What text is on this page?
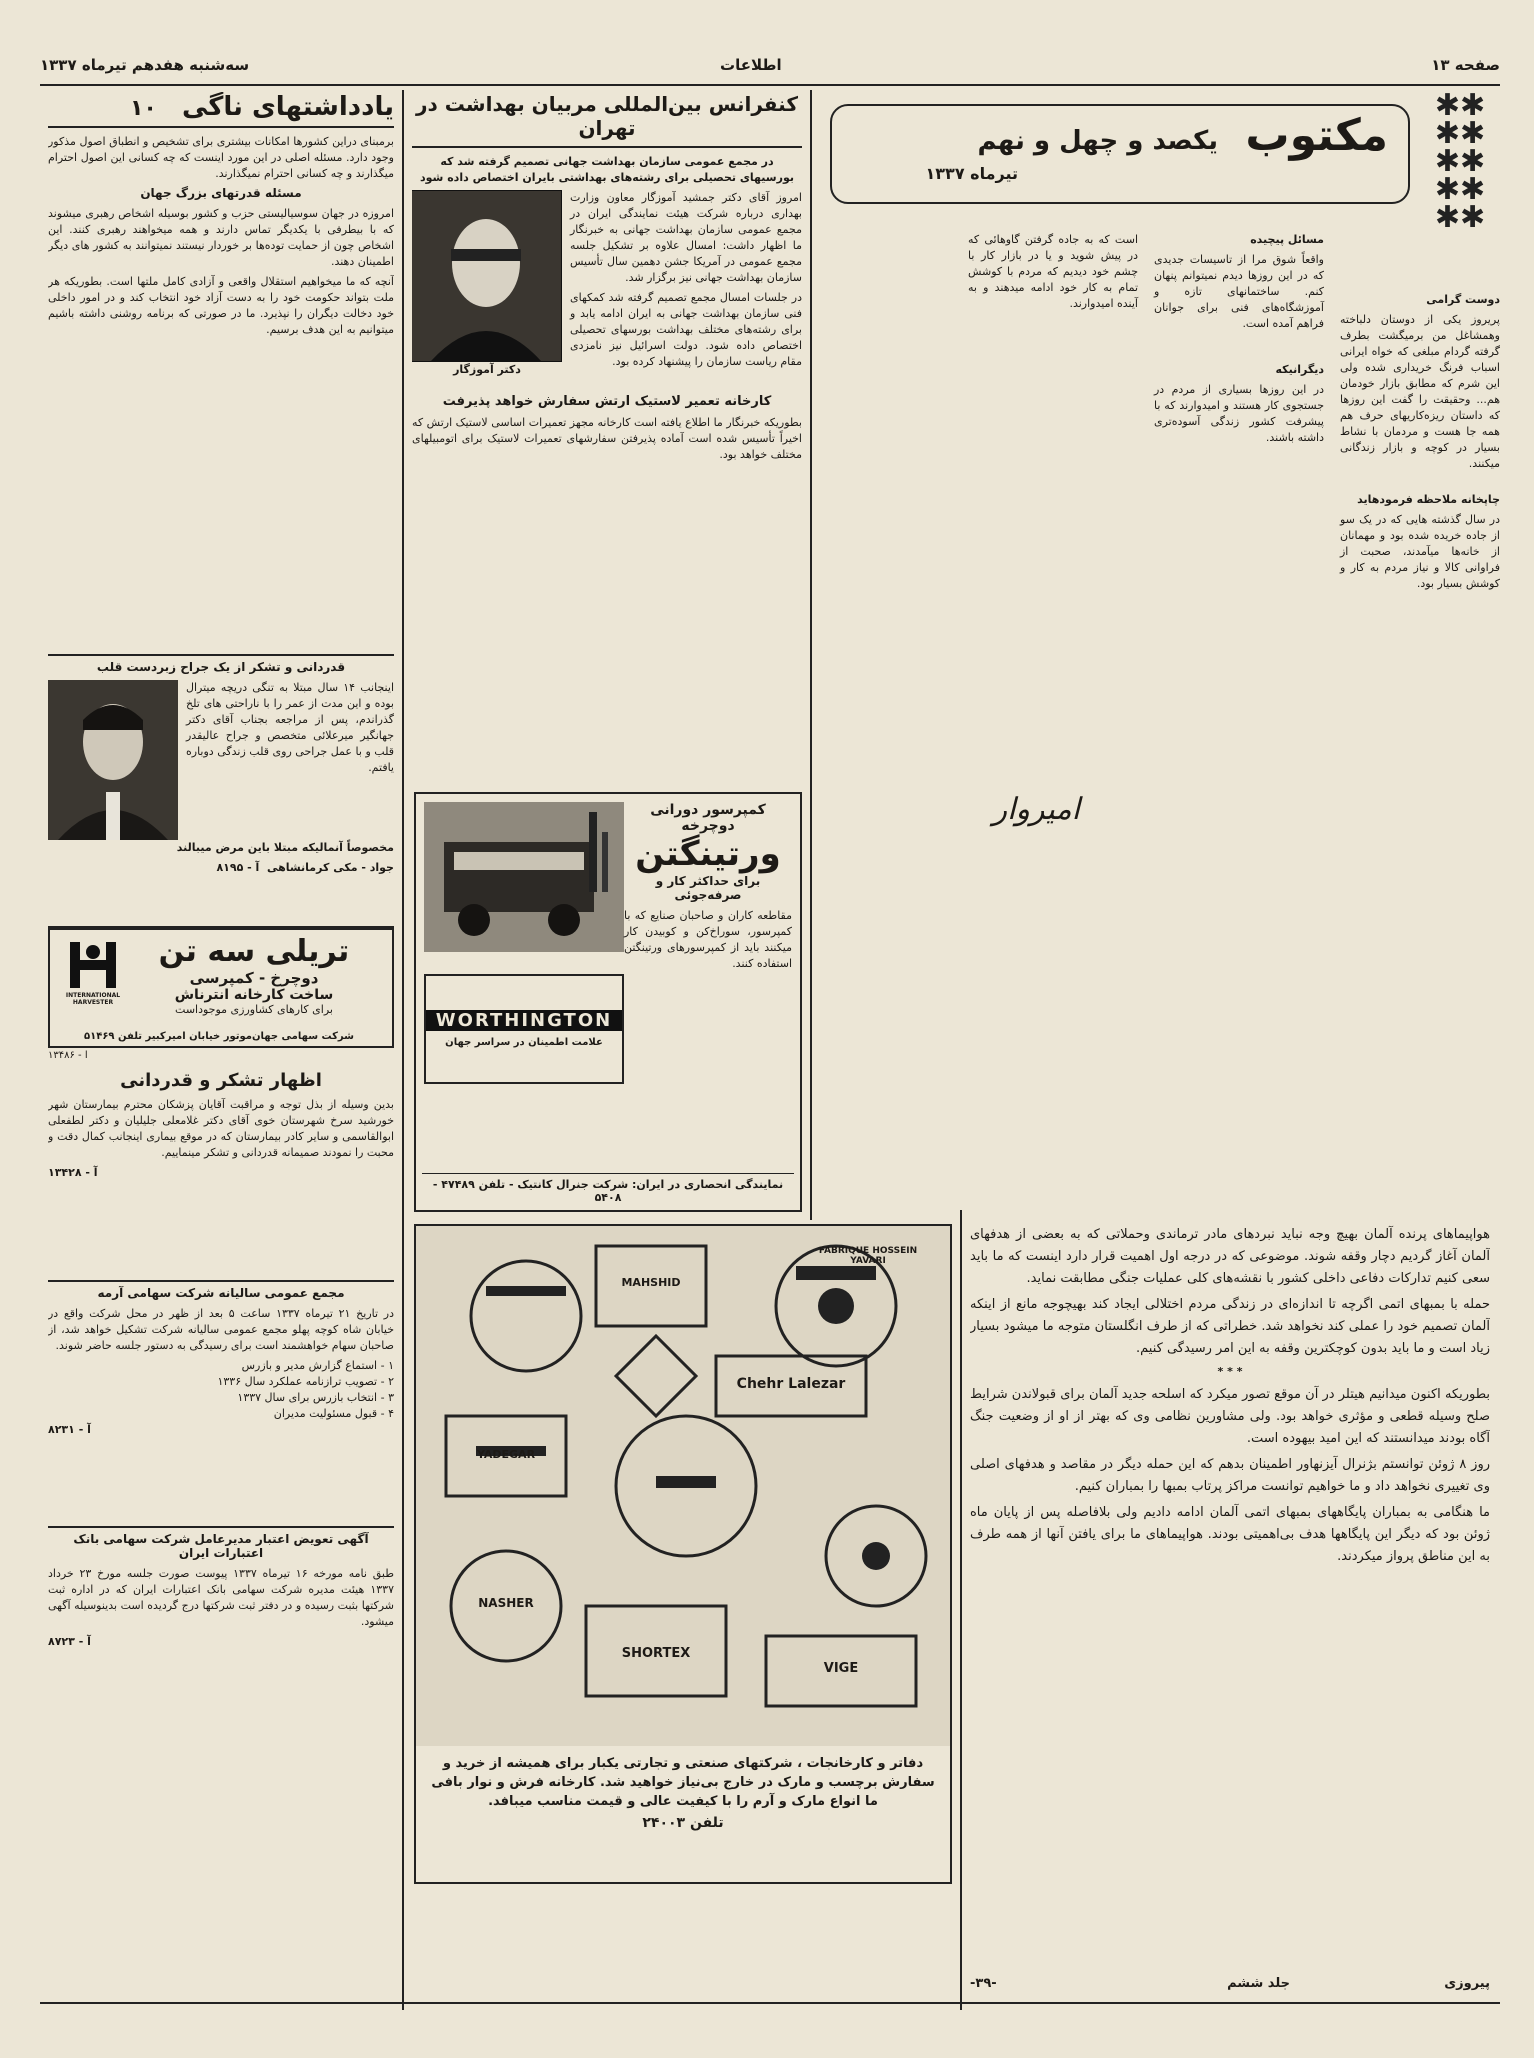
سه‌شنبه هفدهم تیرماه ۱۳۳۷	اطلاعات	صفحه ۱۳
✱✱
✱✱
✱✱
✱✱
✱✱
مکتوب
یکصد و چهل و نهم
تیرماه ۱۳۳۷

دوست گرامی

پریروز یکی از دوستان دلباخته وهمشاغل من برمیگشت بطرف گرفته گردام مبلغی که خواه ایرانی اسباب فرنگ خریداری شده ولی این شرم که مطابق بازار خودمان هم... وحقیقت را گفت این روزها که داستان ریزه‌کاریهای حرف هم همه جا هست و مردمان با نشاط بسیار در کوچه و بازار زندگانی میکنند.

چاپخانه ملاحظه فرمودهاید

در سال گذشته هایی که در یک سو از جاده خریده شده بود و مهمانان از خانه‌ها میآمدند، صحبت از فراوانی کالا و نیاز مردم به کار و کوشش بسیار بود.

مسائل پیچیده

واقعاً شوق مرا از تاسیسات جدیدی که در این روزها دیدم نمیتوانم پنهان کنم. ساختمانهای تازه و آموزشگاه‌های فنی برای جوانان فراهم آمده است.

دیگرانیکه

در این روزها بسیاری از مردم در جستجوی کار هستند و امیدوارند که با پیشرفت کشور زندگی آسوده‌تری داشته باشند.

است که به جاده گرفتن گاوهائی که در پیش شوید و یا در بازار کار با چشم خود دیدیم که مردم با کوشش تمام به کار خود ادامه میدهند و به آینده امیدوارند.

امیروار

کنفرانس بین‌المللی مربیان بهداشت در تهران

در مجمع عمومی سازمان بهداشت جهانی تصمیم گرفته شد که بورسیهای تحصیلی برای رشته‌های بهداشتی بایران اختصاص داده شود

دکتر آموزگار

امروز آقای دکتر جمشید آموزگار معاون وزارت بهداری درباره شرکت هیئت نمایندگی ایران در مجمع عمومی سازمان بهداشت جهانی به خبرنگار ما اظهار داشت: امسال علاوه بر تشکیل جلسه مجمع عمومی در آمریکا جشن دهمین سال تأسیس سازمان بهداشت جهانی نیز برگزار شد.

در جلسات امسال مجمع تصمیم گرفته شد کمکهای فنی سازمان بهداشت جهانی به ایران ادامه یابد و برای رشته‌های مختلف بهداشت بورسهای تحصیلی اختصاص داده شود. دولت اسرائیل نیز نامزدی مقام ریاست سازمان را پیشنهاد کرده بود.

کارخانه تعمیر لاستیک ارتش سفارش خواهد پذیرفت

بطوریکه خبرنگار ما اطلاع یافته است کارخانه مجهز تعمیرات اساسی لاستیک ارتش که اخیراً تأسیس شده است آماده پذیرفتن سفارشهای تعمیرات لاستیک برای اتومبیلهای مختلف خواهد بود.

یادداشتهای ناگی ۱۰

برمبنای دراین کشورها امکانات بیشتری برای تشخیص و انطباق اصول مذکور وجود دارد. مسئله اصلی در این مورد اینست که چه کسانی این اصول احترام میگذارند و چه کسانی احترام نمیگذارند.

مسئله قدرتهای بزرگ جهان

امروزه در جهان سوسیالیستی حزب و کشور بوسیله اشخاص رهبری میشوند که با بیطرفی با یکدیگر تماس دارند و همه میخواهند رهبری کنند. این اشخاص چون از حمایت توده‌ها بر خوردار نیستند نمیتوانند به کشور های دیگر اطمینان دهند.

آنچه که ما میخواهیم استقلال واقعی و آزادی کامل ملتها است. بطوریکه هر ملت بتواند حکومت خود را به دست آزاد خود انتخاب کند و در امور داخلی خود دخالت دیگران را نپذیرد. ما در صورتی که برنامه روشنی داشته باشیم میتوانیم به این هدف برسیم.

قدردانی و تشکر از یک جراح زبردست قلب

اینجانب ۱۴ سال مبتلا به تنگی دریچه میترال بوده و این مدت از عمر را با ناراحتی های تلخ گذراندم، پس از مراجعه بجناب آقای دکتر جهانگیر میرعلائی متخصص و جراح عالیقدر قلب و با عمل جراحی روی قلب زندگی دوباره یافتم.

مخصوصاً آنمالیکه مبتلا باین مرض میبالند

جواد - مکی کرمانشاهی  آ - ۸۱۹۵

INTERNATIONAL HARVESTER
تریلی سه تن
دوچرخ - کمپرسی
ساخت کارخانه انترناش
برای کارهای کشاورزی موجوداست
شرکت سهامی جهان‌موتور خیابان امیرکبیر تلفن ۵۱۴۶۹
آ - ۱۳۴۸۶

اظهار تشکر و قدردانی

بدین وسیله از بذل توجه و مراقبت آقایان پزشکان محترم بیمارستان شهر خورشید سرخ شهرستان خوی آقای دکتر غلامعلی جلیلیان و دکتر لطفعلی ابوالقاسمی و سایر کادر بیمارستان که در موقع بیماری اینجانب کمال دقت و محبت را نمودند صمیمانه قدردانی و تشکر مینماییم.

آ - ۱۳۴۲۸

مجمع عمومی سالیانه شرکت سهامی آرمه

در تاریخ ۲۱ تیرماه ۱۳۳۷ ساعت ۵ بعد از ظهر در محل شرکت واقع در خیابان شاه کوچه پهلو مجمع عمومی سالیانه شرکت تشکیل خواهد شد، از صاحبان سهام خواهشمند است برای رسیدگی به دستور جلسه حاضر شوند.

۱ - استماع گزارش مدیر و بازرس

۲ - تصویب ترازنامه عملکرد سال ۱۳۳۶

۳ - انتخاب بازرس برای سال ۱۳۳۷

۴ - قبول مسئولیت مدیران

آ - ۸۲۳۱

آگهی تعویض اعتبار مدیرعامل شرکت سهامی بانک اعتبارات ایران

طبق نامه مورخه ۱۶ تیرماه ۱۳۳۷ پیوست صورت جلسه مورخ ۲۳ خرداد ۱۳۳۷ هیئت مدیره شرکت سهامی بانک اعتبارات ایران که در اداره ثبت شرکتها بثبت رسیده و در دفتر ثبت شرکتها درج گردیده است بدینوسیله آگهی میشود.

آ - ۸۷۲۳

کمپرسور دورانی دوچرخه
ورتینگتن
برای حداکثر کار و صرفه‌جوئی

مقاطعه کاران و صاحبان صنایع که با کمپرسور، سوراخ‌کن و کوبیدن کار میکنند باید از کمپرسورهای ورتینگتن استفاده کنند.

WORTHINGTON
علامت اطمینان در سراسر جهان
نمایندگی انحصاری در ایران: شرکت جنرال کانتیک - تلفن ۴۷۴۸۹ - ۵۴۰۸
FABRIQUE HOSSEIN YAVARI
MAHSHID
Chehr Lalezar
SHORTEX
VIGE
NASHER
YADEGAR

دفاتر و کارخانجات ، شرکتهای صنعتی و تجارتی یکبار برای همیشه از خرید و سفارش برچسب و مارک در خارج بی‌نیاز خواهید شد. کارخانه فرش و نوار بافی ما انواع مارک و آرم را با کیفیت عالی و قیمت مناسب میبافد.

تلفن ۲۴۰۰۳

هواپیماهای پرنده آلمان بهیچ وجه نباید نبردهای مادر ترماندی وحملاتی که به بعضی از هدفهای آلمان آغاز گردیم دچار وقفه شوند. موضوعی که در درجه اول اهمیت قرار دارد اینست که ما باید سعی کنیم تدارکات دفاعی داخلی کشور با نقشه‌های کلی عملیات جنگی مطابقت نماید.

حمله با بمبهای اتمی اگرچه تا اندازه‌ای در زندگی مردم اختلالی ایجاد کند بهیچوجه مانع از اینکه آلمان تصمیم خود را عملی کند نخواهد شد. خطراتی که از طرف انگلستان متوجه ما میشود بسیار زیاد است و ما باید بدون کوچکترین وقفه به این امر رسیدگی کنیم.

* * *

بطوریکه اکنون میدانیم هیتلر در آن موقع تصور میکرد که اسلحه جدید آلمان برای قبولاندن شرایط صلح وسیله قطعی و مؤثری خواهد بود. ولی مشاورین نظامی وی که بهتر از او از وضعیت جنگ آگاه بودند میدانستند که این امید بیهوده است.

روز ۸ ژوئن توانستم بژنرال آیزنهاور اطمینان بدهم که این حمله دیگر در مقاصد و هدفهای اصلی وی تغییری نخواهد داد و ما خواهیم توانست مراکز پرتاب بمبها را بمباران کنیم.

ما هنگامی به بمباران پایگاههای بمبهای اتمی آلمان ادامه دادیم ولی بلافاصله پس از پایان ماه ژوئن بود که دیگر این پایگاهها هدف بی‌اهمیتی بودند. هواپیماهای ما برای یافتن آنها از همه طرف به این مناطق پرواز میکردند.

پیروزی
جلد ششم
-۳۹-
